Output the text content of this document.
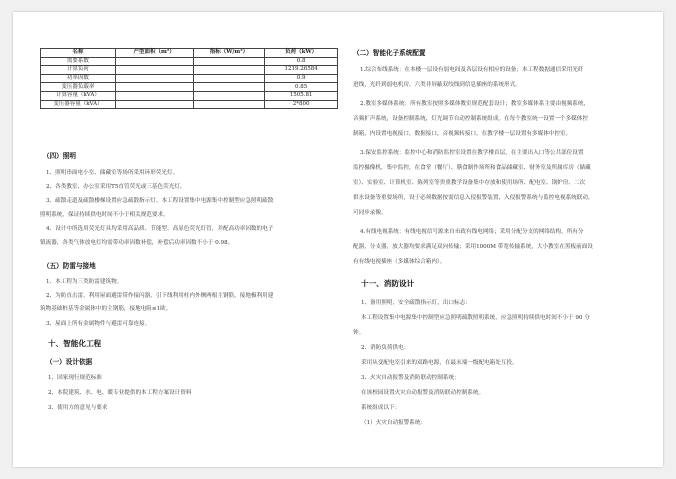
名称	产型面积（m²）	指标（W/m²）	负荷（kW）
需要系数			0.8
计算负荷			1219.26584
功率因数			0.9
变压器负载率			0.85
计算容量（kVA）			1505.81
变压器容量（kVA）			2*800
（四）照明
1、照明串面电小室、储藏室等场所采用环形荧光灯。
2、各类教室、办公室采用T5直管荧光或三基色荧光灯。
3、疏散走道及疏散楼梯设置应急疏散指示灯。本工程设置集中电源集中控制型应急照明疏散
照明系统，保证持续供电时间不小于相关规范要求。
4、设计中所选用荧光灯具均采用高品质、节能型、高显色荧光灯管，并配高功率因数的电子
镇流器，各类气体放电灯均需带功率因数补偿，补偿后功率因数不小于 0.98。
（五）防雷与接地
1、本工程为三类防雷建筑物。
2、为防直击雷，利用屋面避雷带作接闪器，引下线利用柱内外侧两根主钢筋，接地极利用建
筑物基础桩基等金属体中的主钢筋，接地电阻≤1欧。
3、屋面上所有金属物件与避雷可靠连接。
十、智能化工程
（一）设计依据
1、国家现行规范标准
2、本院建筑、水、电、暖专业提供的本工程方案设计资料
3、使用方的意见与要求
（二）智能化子系统配置
1.综合布线系统：在本楼一层设有弱电间及各层设有相应的设备；本工程数据通信采用光纤
进线，光纤到弱电机房，六类非屏蔽双绞线到信息插座的系统形式。
2.教室多媒体系统：所有教室按照多媒体教室规范配套设计；教室多媒体系主要由视频系统，
音频扩声系统，设备控制系统，灯光调节自动控制系统组成。在每个教室统一设置一个多媒体控
制箱，内设置电视接口，数据接口，音视频转接口，在教学楼一层设置有多媒体中控室。
3.保安监控系统：监控中心和消防监控室设置在教学楼首层，在主要出入口等公共部位设置
监控摄像机，集中监控，在食堂（餐厅）、膳食制作场所和食品储藏室、财务室及所属库房（储藏
室）、实验室、计算机室、陈列室等贵重教学设备集中存放和使用场所、配电室、锅炉房、二次
供水设备等重要场所，设于必须数据按需信息入侵报警装置，入侵报警系统与监控电视系统联动，
可同步录像。
4.有线电视系统：有线电视信号源来自市政有线电网络；采用分配分支的网络结构，所有分
配器，分支器，放大器均要求满足双向传输；采用1000M 带宽传输系统，大小教室在黑板前面设
有有线电视插座（多媒体综合箱内）。
十一、消防设计
1、备用照明，安全疏散指示灯，出口标志：
本工程设置集中电源集中控制型应急照明疏散照明系统，应急照明持续供电时间不小于 90 分
钟。
2、消防负荷供电：
采用从变配电室引来的双路电源，在最末端一级配电箱处互投。
3、火灾自动报警及消防联动控制系统：
在该校园设置火灾自动报警及消防联动控制系统。
系统组成以下：
（1）火灾自动报警系统：
